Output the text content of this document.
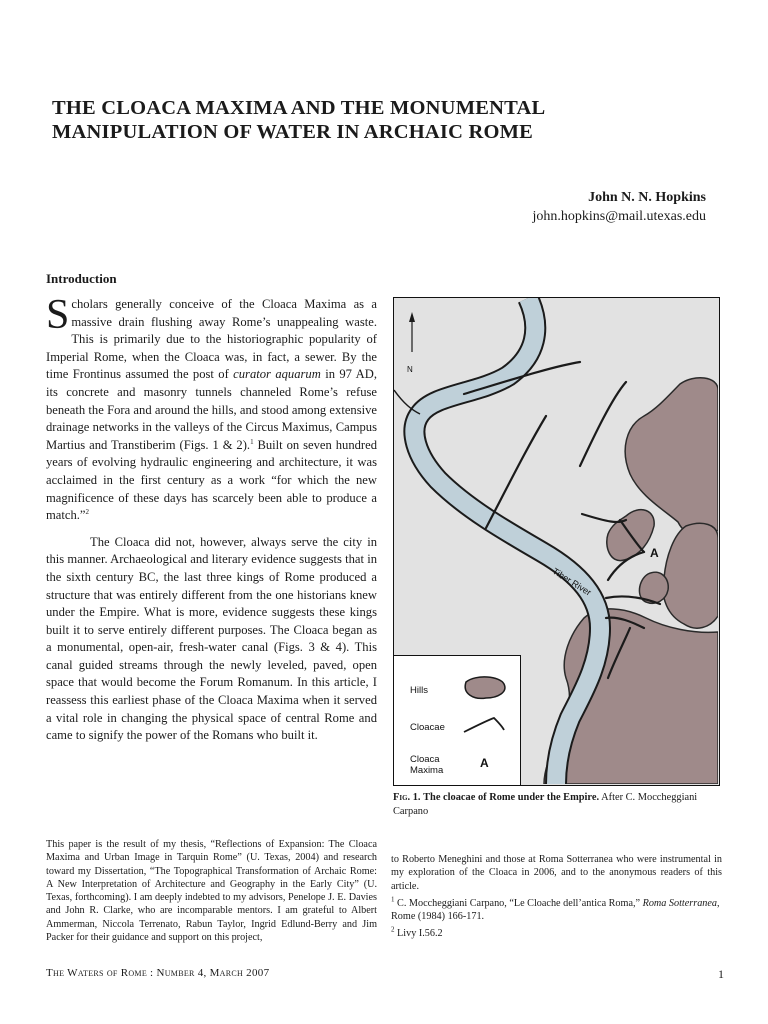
THE CLOACA MAXIMA AND THE MONUMENTAL
MANIPULATION OF WATER IN ARCHAIC ROME
John N. N. Hopkins
john.hopkins@mail.utexas.edu
Introduction

Scholars generally conceive of the Cloaca Maxima as a massive drain flushing away Rome’s unappealing waste. This is primarily due to the historiographic popularity of Imperial Rome, when the Cloaca was, in fact, a sewer. By the time Frontinus assumed the post of curator aquarum in 97 AD, its concrete and masonry tunnels channeled Rome’s refuse beneath the Fora and around the hills, and stood among extensive drainage networks in the valleys of the Circus Maximus, Campus Martius and Transtiberim (Figs. 1 & 2).$^1$ Built on seven hundred years of evolving hydraulic engineering and architecture, it was acclaimed in the first century as a work “for which the new magnificence of these days has scarcely been able to produce a match.”$^2$

The Cloaca did not, however, always serve the city in this manner. Archaeological and literary evidence suggests that in the sixth century BC, the last three kings of Rome produced a structure that was entirely different from the one historians knew under the Empire. What is more, evidence suggests these kings built it to serve entirely different purposes. The Cloaca began as a monumental, open-air, fresh-water canal (Figs. 3 & 4). This canal guided streams through the newly leveled, paved, open space that would become the Forum Romanum. In this article, I reassess this earliest phase of the Cloaca Maxima when it served a vital role in changing the physical space of central Rome and came to signify the power of the Romans who built it.

N
Tiber River
A
Hills
Cloacae
Cloaca
Maxima
A
Fig. 1. The cloacae of Rome under the Empire. After C. Moccheggiani Carpano

This paper is the result of my thesis, “Reflections of Expansion: The Cloaca Maxima and Urban Image in Tarquin Rome” (U. Texas, 2004) and research toward my Dissertation, “The Topographical Transformation of Archaic Rome: A New Interpretation of Architecture and Geography in the Early City” (U. Texas, forthcoming). I am deeply indebted to my advisors, Penelope J. E. Davies and John R. Clarke, who are incomparable mentors. I am grateful to Albert Ammerman, Niccola Terrenato, Rabun Taylor, Ingrid Edlund-Berry and Jim Packer for their guidance and support on this project,

to Roberto Meneghini and those at Roma Sotterranea who were instrumental in my exploration of the Cloaca in 2006, and to the anonymous readers of this article.

$^1$ C. Moccheggiani Carpano, “Le Cloache dell’antica Roma,” Roma Sotterranea, Rome (1984) 166-171.

$^2$ Livy I.56.2

The Waters of Rome : Number 4, March 2007	1
